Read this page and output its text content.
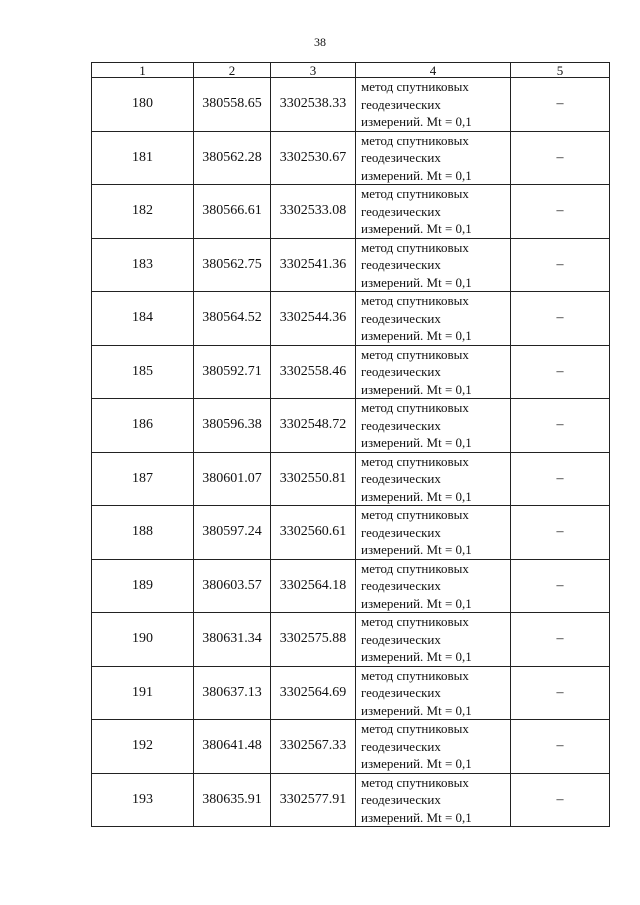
38
1	2	3	4	5
180	380558.65	3302538.33	метод спутниковых
геодезических
измерений. Mt = 0,1	–
181	380562.28	3302530.67	метод спутниковых
геодезических
измерений. Mt = 0,1	–
182	380566.61	3302533.08	метод спутниковых
геодезических
измерений. Mt = 0,1	–
183	380562.75	3302541.36	метод спутниковых
геодезических
измерений. Mt = 0,1	–
184	380564.52	3302544.36	метод спутниковых
геодезических
измерений. Mt = 0,1	–
185	380592.71	3302558.46	метод спутниковых
геодезических
измерений. Mt = 0,1	–
186	380596.38	3302548.72	метод спутниковых
геодезических
измерений. Mt = 0,1	–
187	380601.07	3302550.81	метод спутниковых
геодезических
измерений. Mt = 0,1	–
188	380597.24	3302560.61	метод спутниковых
геодезических
измерений. Mt = 0,1	–
189	380603.57	3302564.18	метод спутниковых
геодезических
измерений. Mt = 0,1	–
190	380631.34	3302575.88	метод спутниковых
геодезических
измерений. Mt = 0,1	–
191	380637.13	3302564.69	метод спутниковых
геодезических
измерений. Mt = 0,1	–
192	380641.48	3302567.33	метод спутниковых
геодезических
измерений. Mt = 0,1	–
193	380635.91	3302577.91	метод спутниковых
геодезических
измерений. Mt = 0,1	–
